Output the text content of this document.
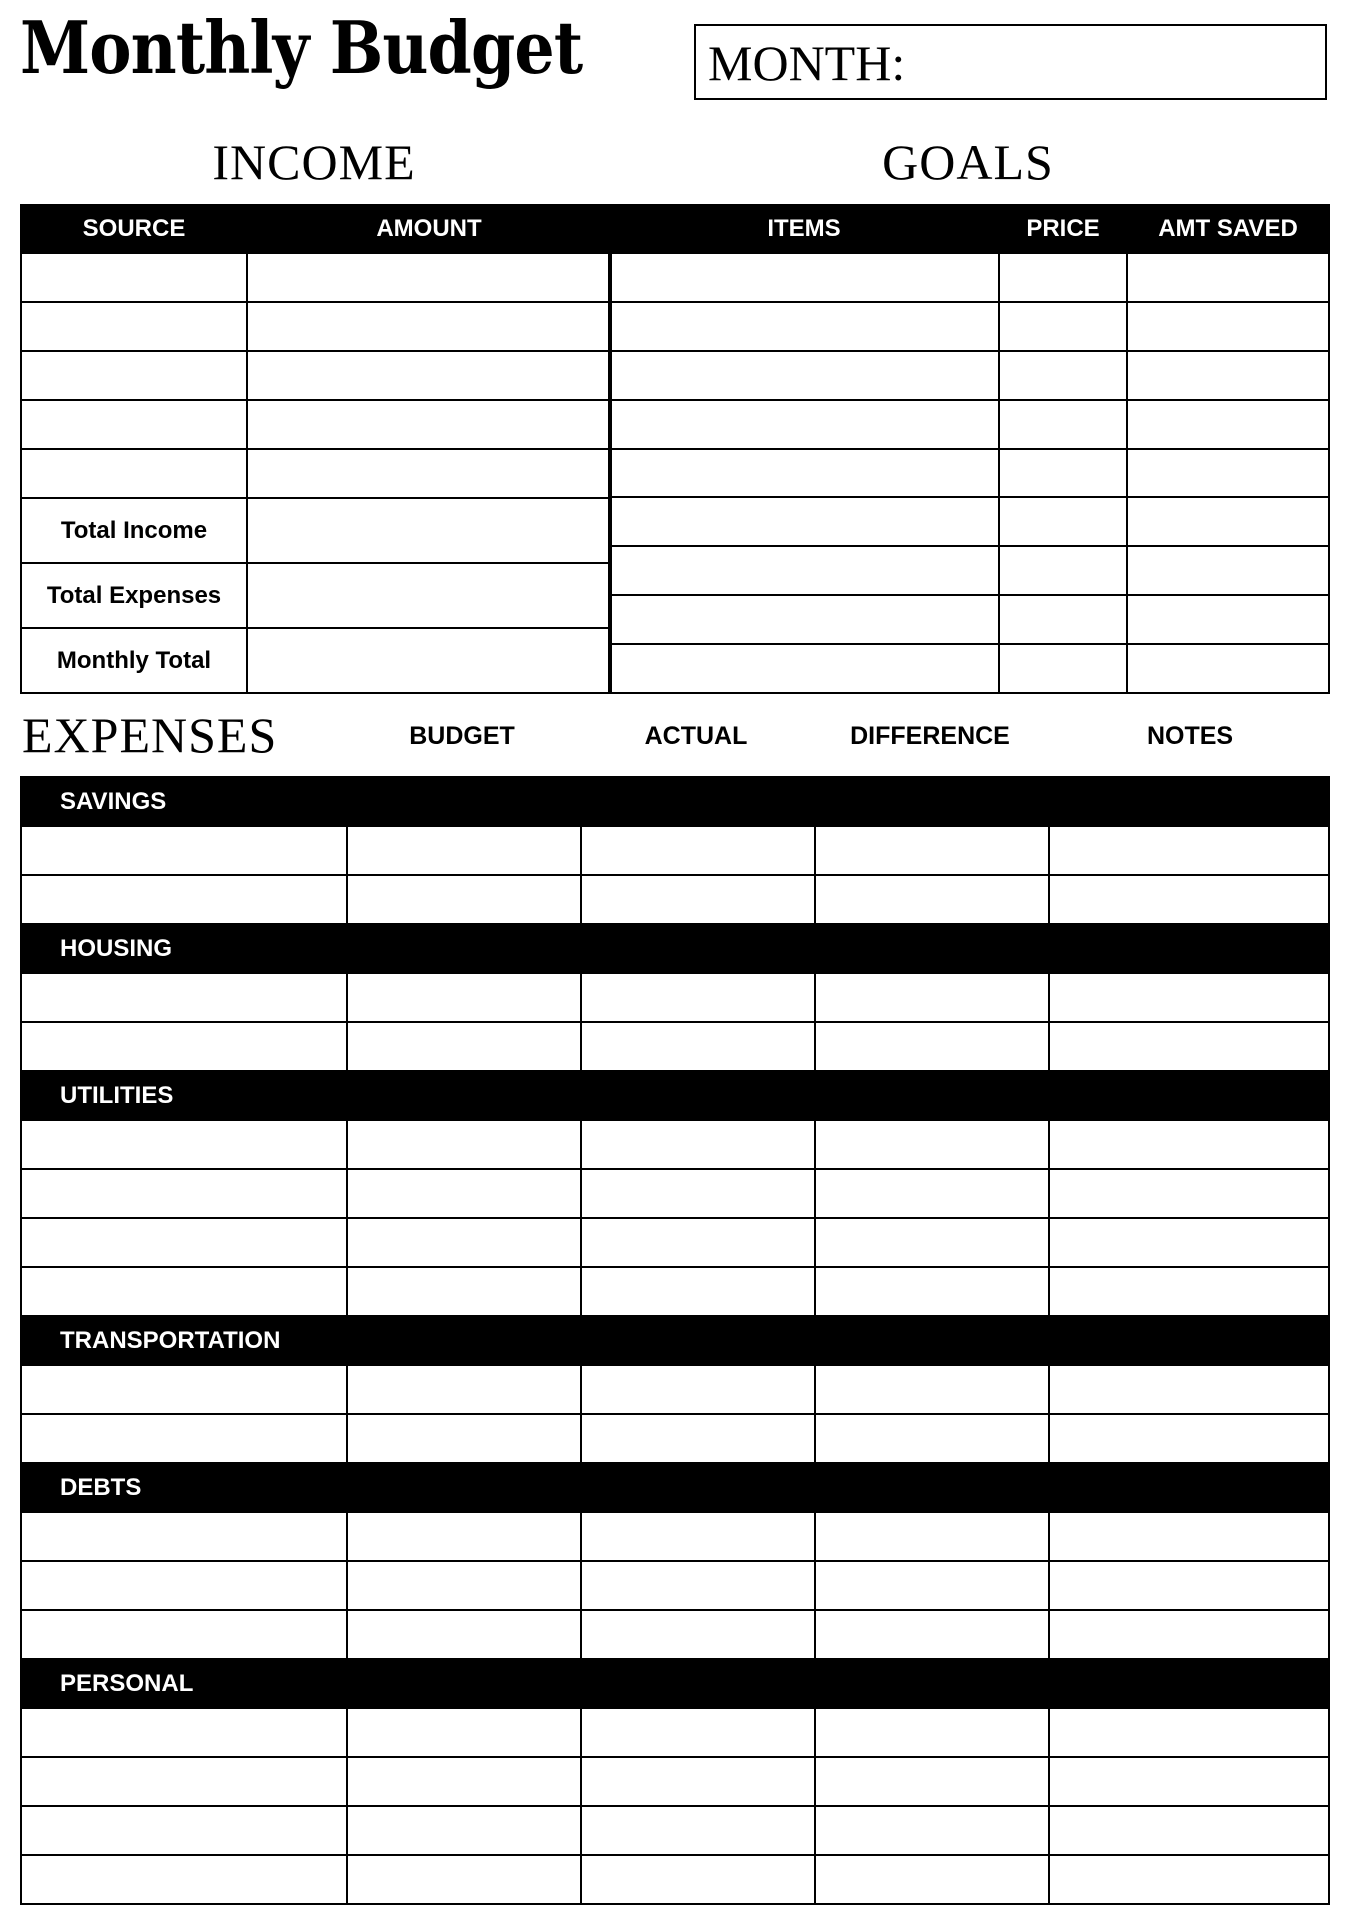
Monthly Budget	MONTH:
INCOME	GOALS
SOURCE	AMOUNT

Total Income	
Total Expenses	
Monthly Total	
ITEMS	PRICE	AMT SAVED

EXPENSES	BUDGET	ACTUAL	DIFFERENCE	NOTES
SAVINGS				

HOUSING				

UTILITIES				

TRANSPORTATION				

DEBTS				

PERSONAL				
